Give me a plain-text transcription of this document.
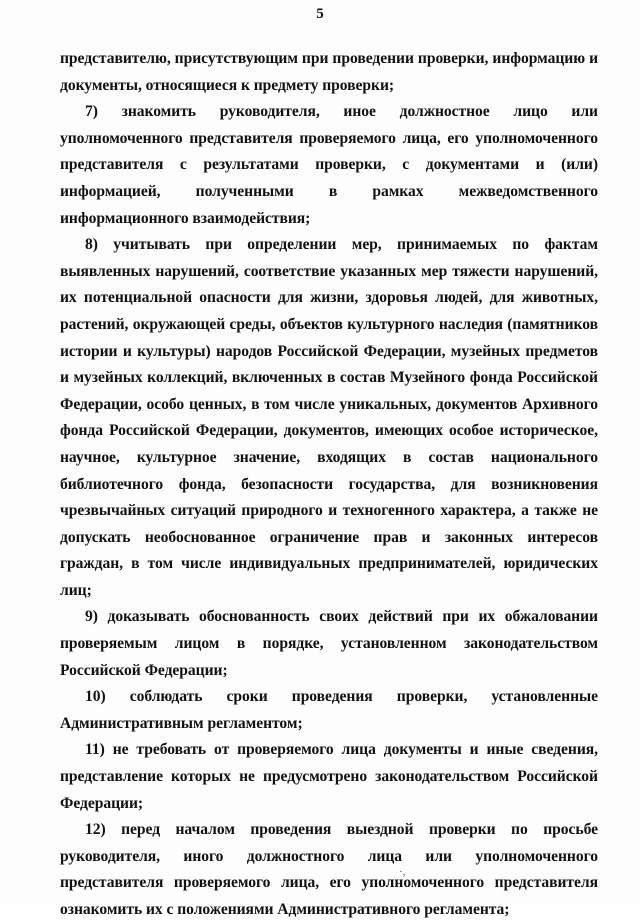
5

представителю, присутствующим при проведении проверки, информацию и документы, относящиеся к предмету проверки;

7) знакомить руководителя, иное должностное лицо или уполномоченного представителя проверяемого лица, его уполномоченного представителя с результатами проверки, с документами и (или) информацией, полученными в рамках межведомственного информационного взаимодействия;

8) учитывать при определении мер, принимаемых по фактам выявленных нарушений, соответствие указанных мер тяжести нарушений, их потенциальной опасности для жизни, здоровья людей, для животных, растений, окружающей среды, объектов культурного наследия (памятников истории и культуры) народов Российской Федерации, музейных предметов и музейных коллекций, включенных в состав Музейного фонда Российской Федерации, особо ценных, в том числе уникальных, документов Архивного фонда Российской Федерации, документов, имеющих особое историческое, научное, культурное значение, входящих в состав национального библиотечного фонда, безопасности государства, для возникновения чрезвычайных ситуаций природного и техногенного характера, а также не допускать необоснованное ограничение прав и законных интересов граждан, в том числе индивидуальных предпринимателей, юридических лиц;

9) доказывать обоснованность своих действий при их обжаловании проверяемым лицом в порядке, установленном законодательством Российской Федерации;

10) соблюдать сроки проведения проверки, установленные Административным регламентом;

11) не требовать от проверяемого лица документы и иные сведения, представление которых не предусмотрено законодательством Российской Федерации;

12) перед началом проведения выездной проверки по просьбе руководителя, иного должностного лица или уполномоченного представителя проверяемого лица, его уполномоченного представителя ознакомить их с положениями Административного регламента;

·,
